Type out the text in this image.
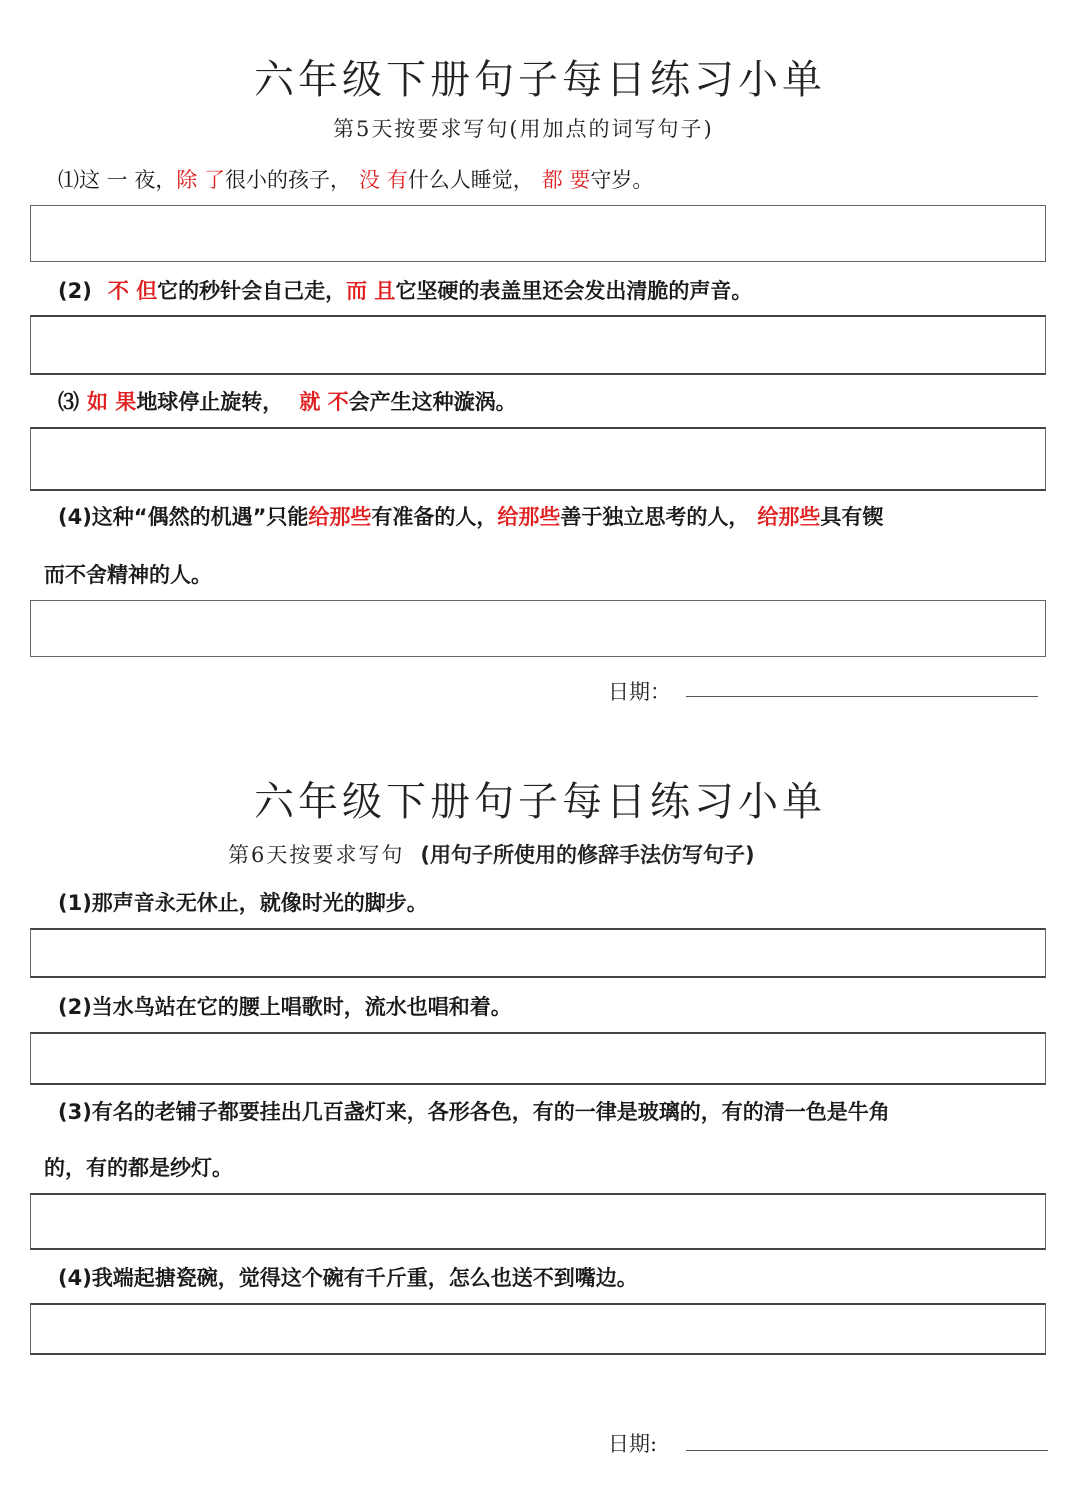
六年级下册句子每日练习小单
第5天按要求写句(用加点的词写句子)
⑴这 一 夜，除 了很小的孩子， 没 有什么人睡觉， 都 要守岁。
(2) 不 但它的秒针会自己走，而 且它坚硬的表盖里还会发出清脆的声音。
⑶ 如 果地球停止旋转， 就 不会产生这种漩涡。
(4)这种“偶然的机遇”只能给那些有准备的人，给那些善于独立思考的人， 给那些具有锲
而不舍精神的人。
日期：
六年级下册句子每日练习小单
第6天按要求写句 (用句子所使用的修辞手法仿写句子)
(1)那声音永无休止，就像时光的脚步。
(2)当水鸟站在它的腰上唱歌时，流水也唱和着。
(3)有名的老铺子都要挂出几百盏灯来，各形各色，有的一律是玻璃的，有的清一色是牛角
的，有的都是纱灯。
(4)我端起搪瓷碗，觉得这个碗有千斤重，怎么也送不到嘴边。
日期:
